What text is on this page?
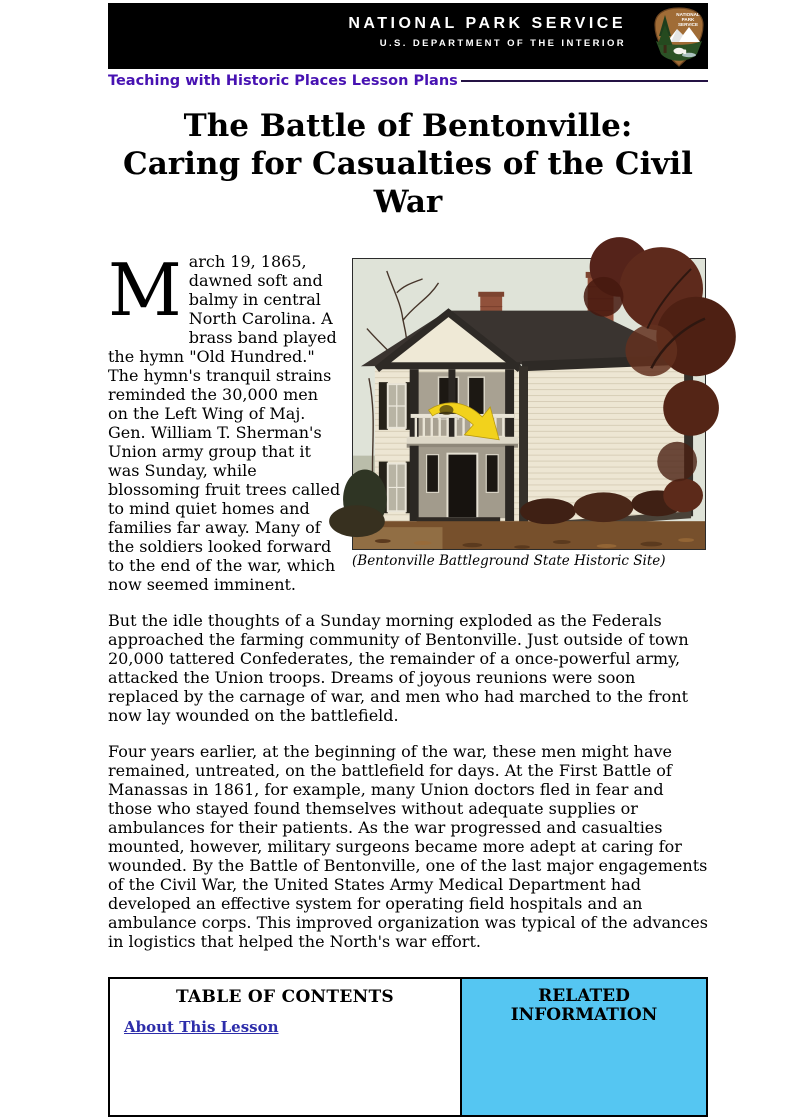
NATIONAL PARK SERVICE
U.S. DEPARTMENT OF THE INTERIOR
NATIONAL
PARK
SERVICE
Teaching with Historic Places Lesson Plans
The Battle of Bentonville:
Caring for Casualties of the Civil War
(Bentonville Battleground State Historic Site)

March 19, 1865, dawned soft and balmy in central North Carolina. A brass band played the hymn "Old Hundred." The hymn's tranquil strains reminded the 30,000 men on the Left Wing of Maj. Gen. William T. Sherman's Union army group that it was Sunday, while blossoming fruit trees called to mind quiet homes and families far away. Many of the soldiers looked forward to the end of the war, which now seemed imminent.

But the idle thoughts of a Sunday morning exploded as the Federals approached the farming community of Bentonville. Just outside of town 20,000 tattered Confederates, the remainder of a once-powerful army, attacked the Union troops. Dreams of joyous reunions were soon replaced by the carnage of war, and men who had marched to the front now lay wounded on the battlefield.

Four years earlier, at the beginning of the war, these men might have remained, untreated, on the battlefield for days. At the First Battle of Manassas in 1861, for example, many Union doctors fled in fear and those who stayed found themselves without adequate supplies or ambulances for their patients. As the war progressed and casualties mounted, however, military surgeons became more adept at caring for wounded. By the Battle of Bentonville, one of the last major engagements of the Civil War, the United States Army Medical Department had developed an effective system for operating field hospitals and an ambulance corps. This improved organization was typical of the advances in logistics that helped the North's war effort.

TABLE OF CONTENTS
About This Lesson
RELATED INFORMATION
